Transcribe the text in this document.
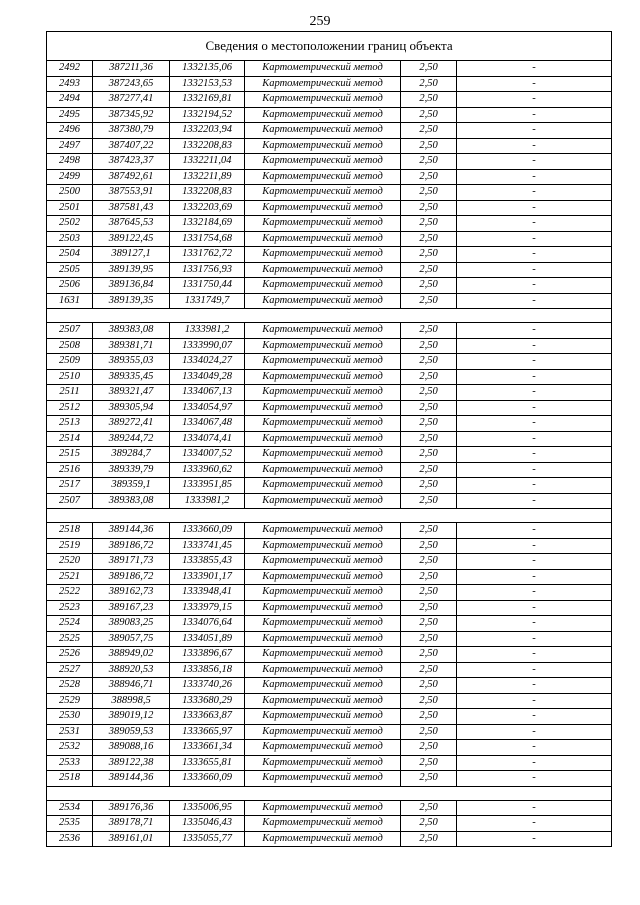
259
Сведения о местоположении границ объекта					
2492	387211,36	1332135,06	Картометрический метод	2,50	-
2493	387243,65	1332153,53	Картометрический метод	2,50	-
2494	387277,41	1332169,81	Картометрический метод	2,50	-
2495	387345,92	1332194,52	Картометрический метод	2,50	-
2496	387380,79	1332203,94	Картометрический метод	2,50	-
2497	387407,22	1332208,83	Картометрический метод	2,50	-
2498	387423,37	1332211,04	Картометрический метод	2,50	-
2499	387492,61	1332211,89	Картометрический метод	2,50	-
2500	387553,91	1332208,83	Картометрический метод	2,50	-
2501	387581,43	1332203,69	Картометрический метод	2,50	-
2502	387645,53	1332184,69	Картометрический метод	2,50	-
2503	389122,45	1331754,68	Картометрический метод	2,50	-
2504	389127,1	1331762,72	Картометрический метод	2,50	-
2505	389139,95	1331756,93	Картометрический метод	2,50	-
2506	389136,84	1331750,44	Картометрический метод	2,50	-
1631	389139,35	1331749,7	Картометрический метод	2,50	-

2507	389383,08	1333981,2	Картометрический метод	2,50	-
2508	389381,71	1333990,07	Картометрический метод	2,50	-
2509	389355,03	1334024,27	Картометрический метод	2,50	-
2510	389335,45	1334049,28	Картометрический метод	2,50	-
2511	389321,47	1334067,13	Картометрический метод	2,50	-
2512	389305,94	1334054,97	Картометрический метод	2,50	-
2513	389272,41	1334067,48	Картометрический метод	2,50	-
2514	389244,72	1334074,41	Картометрический метод	2,50	-
2515	389284,7	1334007,52	Картометрический метод	2,50	-
2516	389339,79	1333960,62	Картометрический метод	2,50	-
2517	389359,1	1333951,85	Картометрический метод	2,50	-
2507	389383,08	1333981,2	Картометрический метод	2,50	-

2518	389144,36	1333660,09	Картометрический метод	2,50	-
2519	389186,72	1333741,45	Картометрический метод	2,50	-
2520	389171,73	1333855,43	Картометрический метод	2,50	-
2521	389186,72	1333901,17	Картометрический метод	2,50	-
2522	389162,73	1333948,41	Картометрический метод	2,50	-
2523	389167,23	1333979,15	Картометрический метод	2,50	-
2524	389083,25	1334076,64	Картометрический метод	2,50	-
2525	389057,75	1334051,89	Картометрический метод	2,50	-
2526	388949,02	1333896,67	Картометрический метод	2,50	-
2527	388920,53	1333856,18	Картометрический метод	2,50	-
2528	388946,71	1333740,26	Картометрический метод	2,50	-
2529	388998,5	1333680,29	Картометрический метод	2,50	-
2530	389019,12	1333663,87	Картометрический метод	2,50	-
2531	389059,53	1333665,97	Картометрический метод	2,50	-
2532	389088,16	1333661,34	Картометрический метод	2,50	-
2533	389122,38	1333655,81	Картометрический метод	2,50	-
2518	389144,36	1333660,09	Картометрический метод	2,50	-

2534	389176,36	1335006,95	Картометрический метод	2,50	-
2535	389178,71	1335046,43	Картометрический метод	2,50	-
2536	389161,01	1335055,77	Картометрический метод	2,50	-
